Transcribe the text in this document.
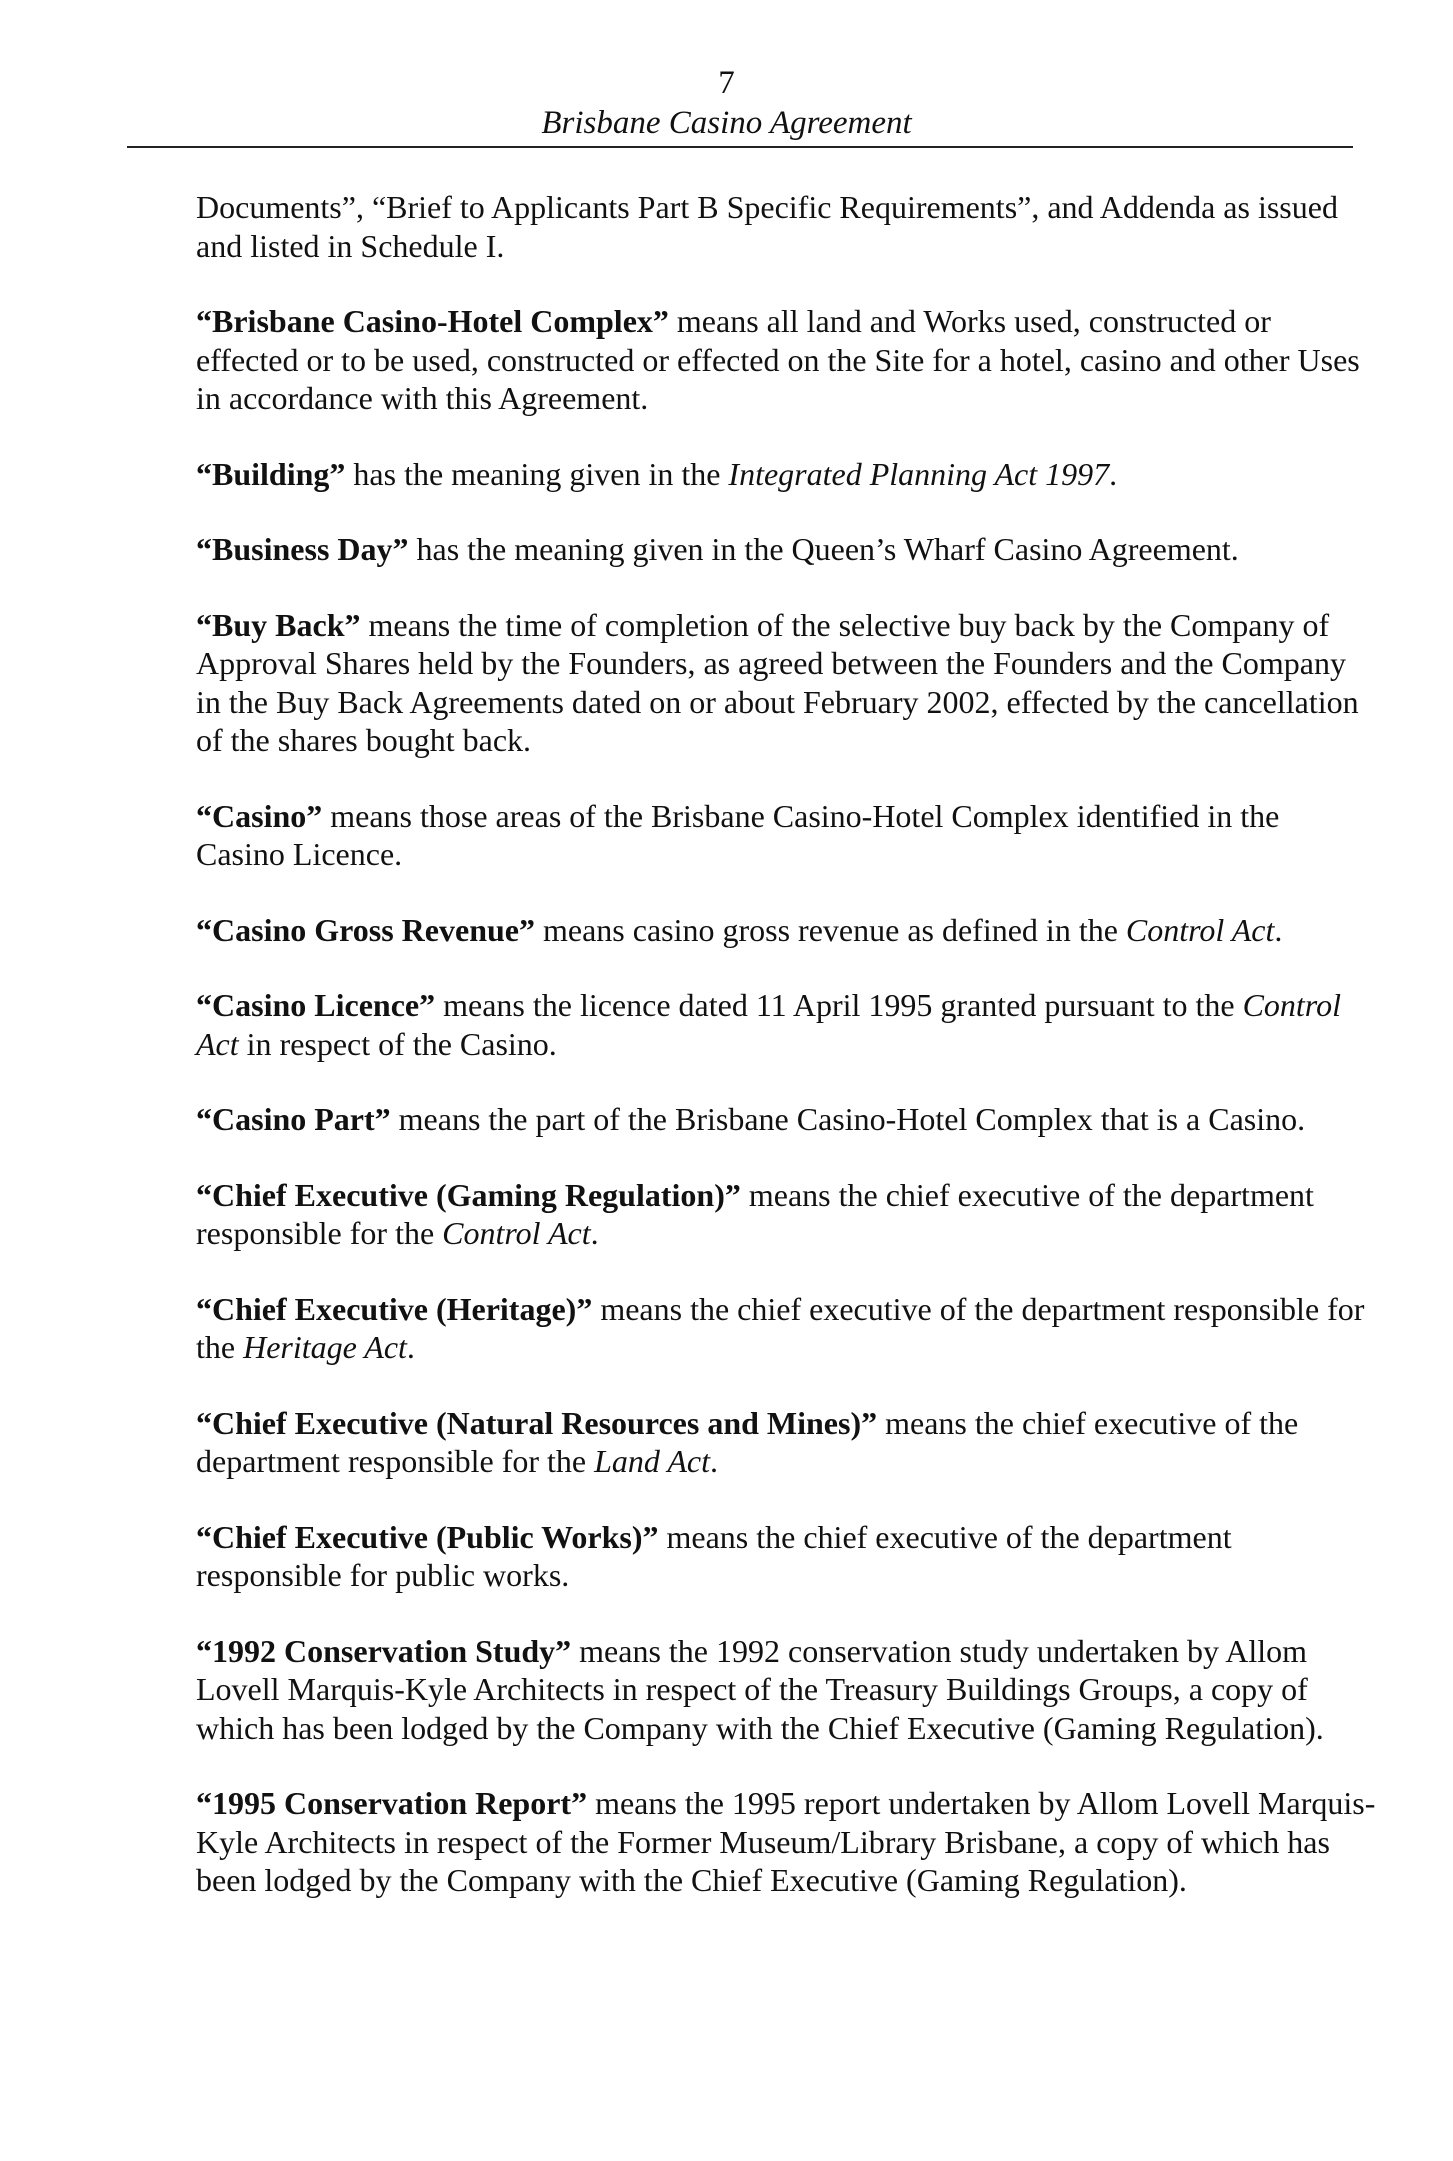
7
Brisbane Casino Agreement

Documents”, “Brief to Applicants Part B Specific Requirements”, and Addenda as issued and listed in Schedule I.

“Brisbane Casino-Hotel Complex” means all land and Works used, constructed or effected or to be used, constructed or effected on the Site for a hotel, casino and other Uses in accordance with this Agreement.

“Building” has the meaning given in the Integrated Planning Act 1997.

“Business Day” has the meaning given in the Queen’s Wharf Casino Agreement.

“Buy Back” means the time of completion of the selective buy back by the Company of Approval Shares held by the Founders, as agreed between the Founders and the Company in the Buy Back Agreements dated on or about February 2002, effected by the cancellation of the shares bought back.

“Casino” means those areas of the Brisbane Casino-Hotel Complex identified in the Casino Licence.

“Casino Gross Revenue” means casino gross revenue as defined in the Control Act.

“Casino Licence” means the licence dated 11 April 1995 granted pursuant to the Control Act in respect of the Casino.

“Casino Part” means the part of the Brisbane Casino-Hotel Complex that is a Casino.

“Chief Executive (Gaming Regulation)” means the chief executive of the department responsible for the Control Act.

“Chief Executive (Heritage)” means the chief executive of the department responsible for the Heritage Act.

“Chief Executive (Natural Resources and Mines)” means the chief executive of the department responsible for the Land Act.

“Chief Executive (Public Works)” means the chief executive of the department responsible for public works.

“1992 Conservation Study” means the 1992 conservation study undertaken by Allom Lovell Marquis-Kyle Architects in respect of the Treasury Buildings Groups, a copy of which has been lodged by the Company with the Chief Executive (Gaming Regulation).

“1995 Conservation Report” means the 1995 report undertaken by Allom Lovell Marquis-Kyle Architects in respect of the Former Museum/Library Brisbane, a copy of which has been lodged by the Company with the Chief Executive (Gaming Regulation).
